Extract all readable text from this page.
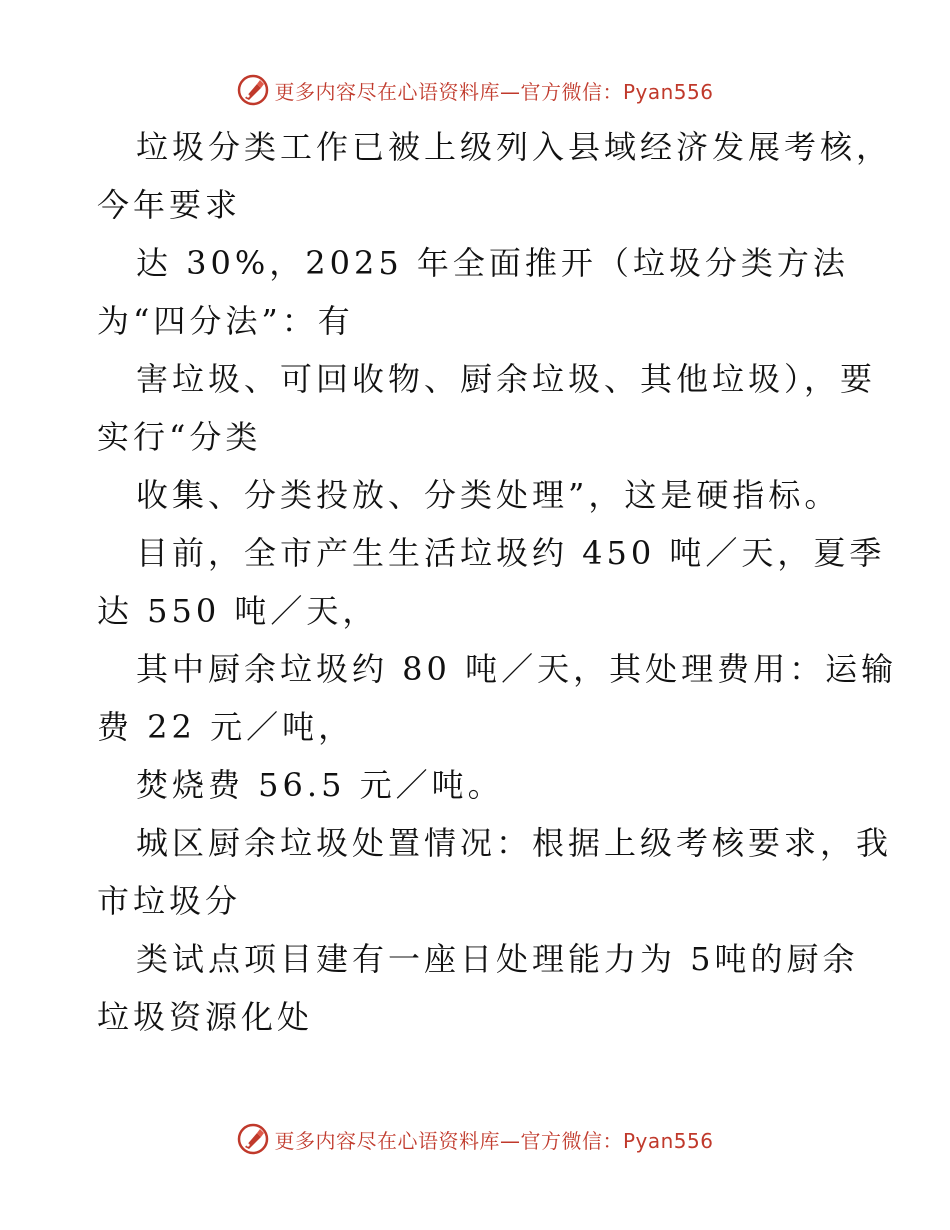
更多内容尽在心语资料库—官方微信：Pyan556
垃圾分类工作已被上级列入县域经济发展考核，
今年要求
达 30%，2025 年全面推开（垃圾分类方法
为“四分法”：有
害垃圾、可回收物、厨余垃圾、其他垃圾），要
实行“分类
收集、分类投放、分类处理”，这是硬指标。
目前，全市产生生活垃圾约 450 吨／天，夏季
达 550 吨／天，
其中厨余垃圾约 80 吨／天，其处理费用：运输
费 22 元／吨，
焚烧费 56.5 元／吨。
城区厨余垃圾处置情况：根据上级考核要求，我
市垃圾分
类试点项目建有一座日处理能力为 5吨的厨余
垃圾资源化处
更多内容尽在心语资料库—官方微信：Pyan556
